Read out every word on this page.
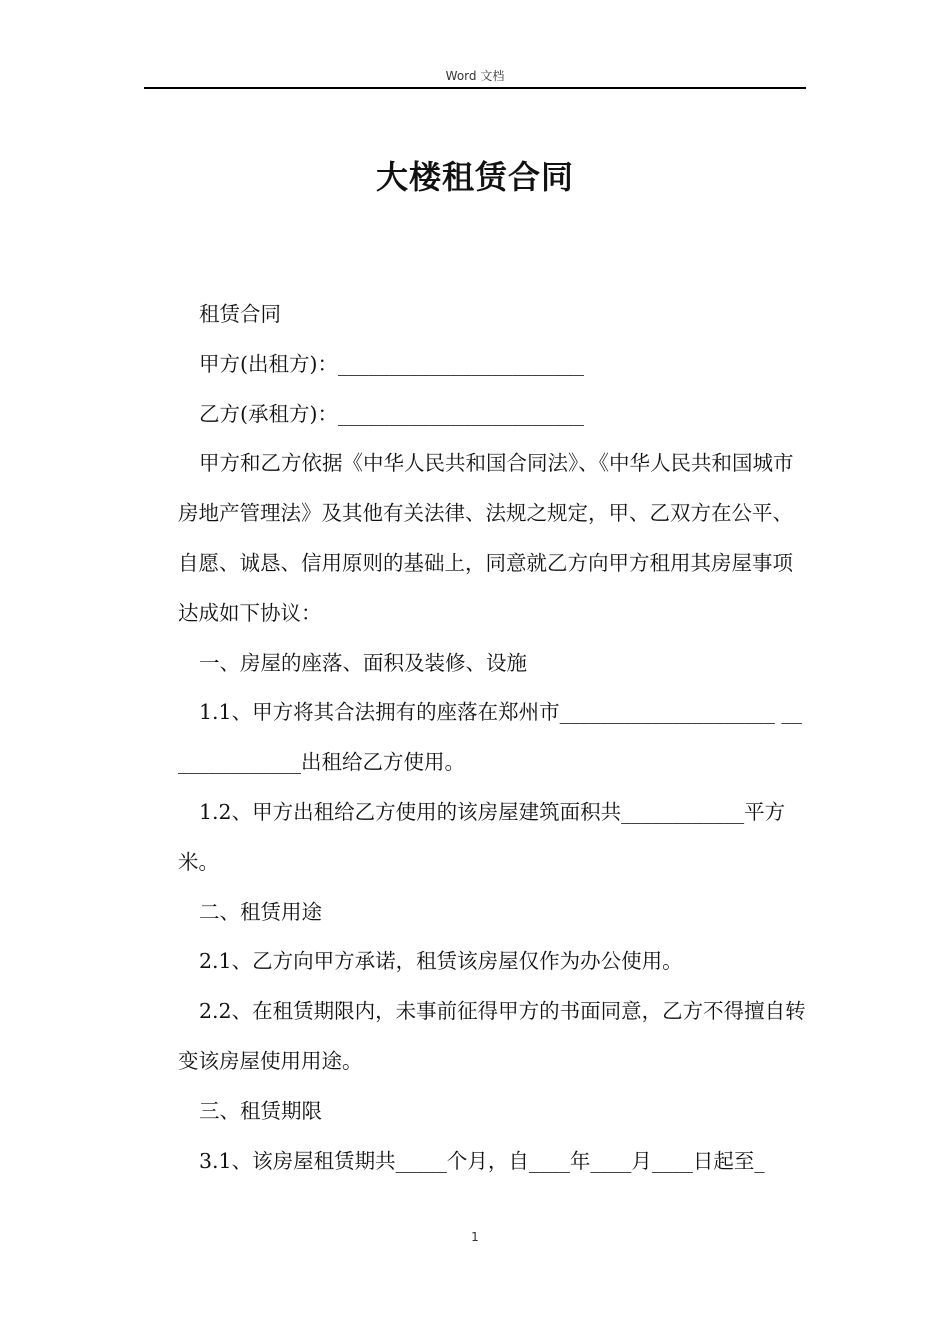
Word 文档
大楼租赁合同

租赁合同

甲方(出租方)：________________________

乙方(承租方)：________________________

甲方和乙方依据《中华人民共和国合同法》、《中华人民共和国城市房地产管理法》及其他有关法律、法规之规定，甲、乙双方在公平、自愿、诚恳、信用原则的基础上，同意就乙方向甲方租用其房屋事项达成如下协议：

一、房屋的座落、面积及装修、设施

1.1、甲方将其合法拥有的座落在郑州市_____________________ ______________出租给乙方使用。

1.2、甲方出租给乙方使用的该房屋建筑面积共____________平方米。

二、租赁用途

2.1、乙方向甲方承诺，租赁该房屋仅作为办公使用。

2.2、在租赁期限内，未事前征得甲方的书面同意，乙方不得擅自转变该房屋使用用途。

三、租赁期限

3.1、该房屋租赁期共_____个月，自____年____月____日起至_

1
